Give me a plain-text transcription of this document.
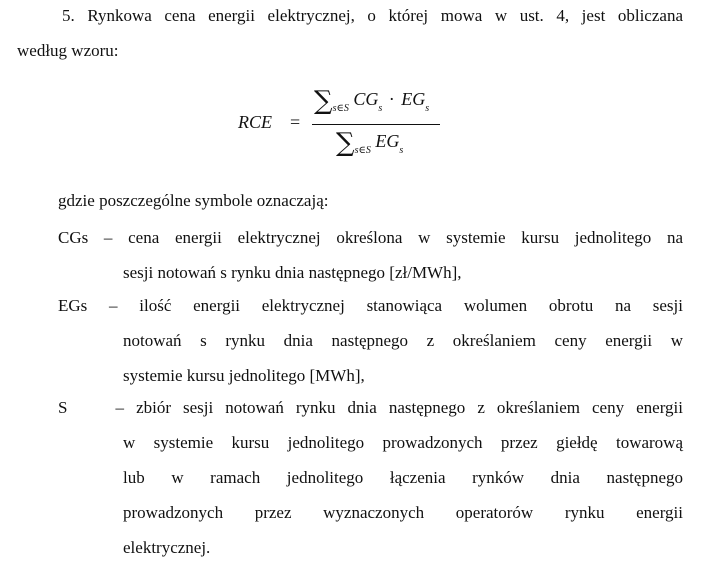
5. Rynkowa cena energii elektrycznej, o której mowa w ust. 4, jest obliczana
według wzoru:
RCE =
$\sum_{s\in S}$ $CG_s \cdot EG_s$
$\sum_{s\in S}$ $EG_s$
gdzie poszczególne symbole oznaczają:
CGs – cena energii elektrycznej określona w systemie kursu jednolitego na
sesji notowań s rynku dnia następnego [zł/MWh],
EGs – ilość energii elektrycznej stanowiąca wolumen obrotu na sesji
notowań s rynku dnia następnego z określaniem ceny energii w
systemie kursu jednolitego [MWh],
S    – zbiór sesji notowań rynku dnia następnego z określaniem ceny energii
w systemie kursu jednolitego prowadzonych przez giełdę towarową
lub w ramach jednolitego łączenia rynków dnia następnego
prowadzonych przez wyznaczonych operatorów rynku energii
elektrycznej.
